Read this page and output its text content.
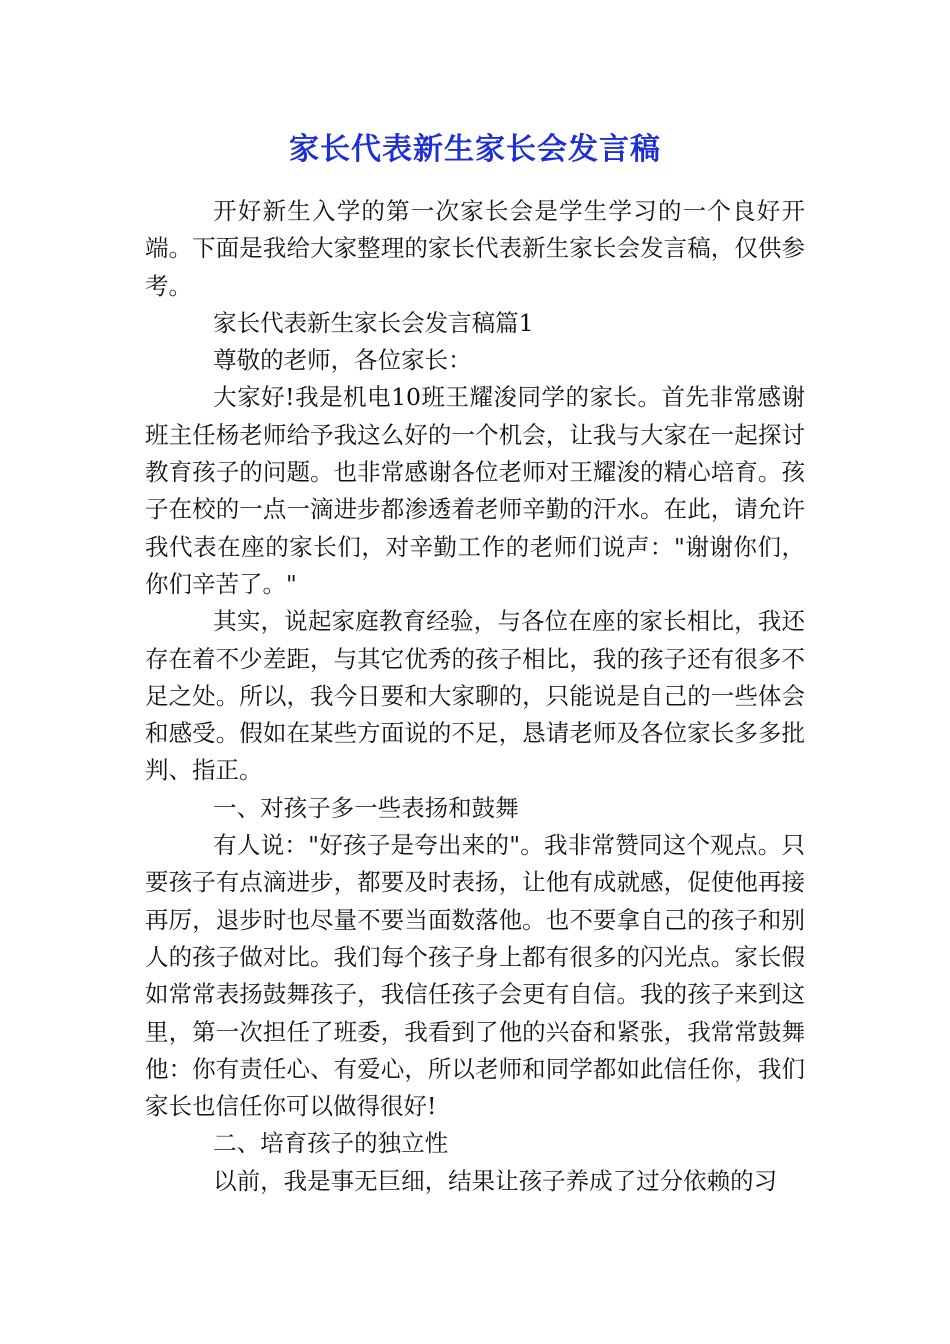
家长代表新生家长会发言稿

开好新生入学的第一次家长会是学生学习的一个良好开端。下面是我给大家整理的家长代表新生家长会发言稿，仅供参考。

家长代表新生家长会发言稿篇1

尊敬的老师，各位家长：

大家好!我是机电10班王耀浚同学的家长。首先非常感谢班主任杨老师给予我这么好的一个机会，让我与大家在一起探讨教育孩子的问题。也非常感谢各位老师对王耀浚的精心培育。孩子在校的一点一滴进步都渗透着老师辛勤的汗水。在此，请允许我代表在座的家长们，对辛勤工作的老师们说声："谢谢你们，你们辛苦了。"

其实，说起家庭教育经验，与各位在座的家长相比，我还存在着不少差距，与其它优秀的孩子相比，我的孩子还有很多不足之处。所以，我今日要和大家聊的，只能说是自己的一些体会和感受。假如在某些方面说的不足，恳请老师及各位家长多多批判、指正。

一、对孩子多一些表扬和鼓舞

有人说："好孩子是夸出来的"。我非常赞同这个观点。只要孩子有点滴进步，都要及时表扬，让他有成就感，促使他再接再厉，退步时也尽量不要当面数落他。也不要拿自己的孩子和别人的孩子做对比。我们每个孩子身上都有很多的闪光点。家长假如常常表扬鼓舞孩子，我信任孩子会更有自信。我的孩子来到这里，第一次担任了班委，我看到了他的兴奋和紧张，我常常鼓舞他：你有责任心、有爱心，所以老师和同学都如此信任你，我们家长也信任你可以做得很好!

二、培育孩子的独立性

以前，我是事无巨细，结果让孩子养成了过分依赖的习
